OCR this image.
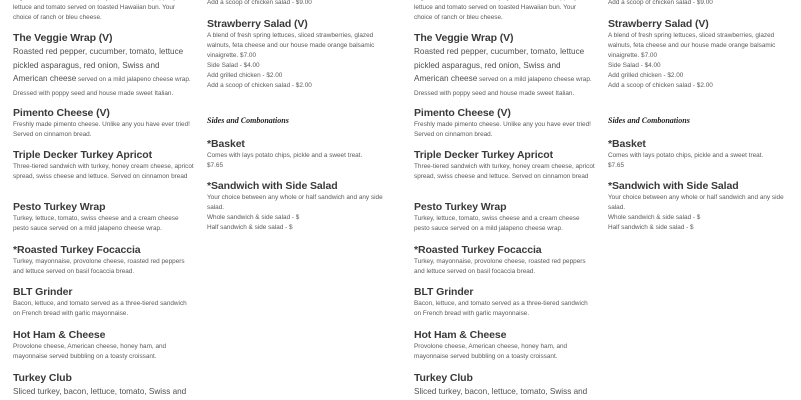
lettuce and tomato served on toasted Hawaiian bun. Your
choice of ranch or bleu cheese.
The Veggie Wrap (V)
Roasted red pepper, cucumber, tomato, lettuce pickled asparagus, red onion, Swiss and American cheese served on a mild jalapeno cheese wrap. Dressed with poppy seed and house made sweet Italian.
Pimento Cheese (V)
Freshly made pimento cheese. Unlike any you have ever tried! Served on cinnamon bread.
Triple Decker Turkey Apricot
Three-tiered sandwich with turkey, honey cream cheese, apricot spread, swiss cheese and lettuce. Served on cinnamon bread
Pesto Turkey Wrap
Turkey, lettuce, tomato, swiss cheese and a cream cheese pesto sauce served on a mild jalapeno cheese wrap.
*Roasted Turkey Focaccia
Turkey, mayonnaise, provolone cheese, roasted red peppers and lettuce served on basil focaccia bread.
BLT Grinder
Bacon, lettuce, and tomato served as a three-tiered sandwich on French bread with garlic mayonnaise.
Hot Ham & Cheese
Provolone cheese, American cheese, honey ham, and mayonnaise served bubbling on a toasty croissant.
Turkey Club
Sliced turkey, bacon, lettuce, tomato, Swiss and
Add a scoop of chicken salad - $9.00
Strawberry Salad (V)
A blend of fresh spring lettuces, sliced strawberries, glazed walnuts, feta cheese and our house made orange balsamic
vinaigrette. $7.00
Side Salad - $4.00
Add grilled chicken - $2.00
Add a scoop of chicken salad - $2.00
Sides and Combonations
*Basket
Comes with lays potato chips, pickle and a sweet treat.
$7.65
*Sandwich with Side Salad
Your choice between any whole or half sandwich and any side salad.
Whole sandwich & side salad - $
Half sandwich & side salad - $
lettuce and tomato served on toasted Hawaiian bun. Your
choice of ranch or bleu cheese.
The Veggie Wrap (V)
Roasted red pepper, cucumber, tomato, lettuce pickled asparagus, red onion, Swiss and American cheese served on a mild jalapeno cheese wrap. Dressed with poppy seed and house made sweet Italian.
Pimento Cheese (V)
Freshly made pimento cheese. Unlike any you have ever tried! Served on cinnamon bread.
Triple Decker Turkey Apricot
Three-tiered sandwich with turkey, honey cream cheese, apricot spread, swiss cheese and lettuce. Served on cinnamon bread
Pesto Turkey Wrap
Turkey, lettuce, tomato, swiss cheese and a cream cheese pesto sauce served on a mild jalapeno cheese wrap.
*Roasted Turkey Focaccia
Turkey, mayonnaise, provolone cheese, roasted red peppers and lettuce served on basil focaccia bread.
BLT Grinder
Bacon, lettuce, and tomato served as a three-tiered sandwich on French bread with garlic mayonnaise.
Hot Ham & Cheese
Provolone cheese, American cheese, honey ham, and mayonnaise served bubbling on a toasty croissant.
Turkey Club
Sliced turkey, bacon, lettuce, tomato, Swiss and
Add a scoop of chicken salad - $9.00
Strawberry Salad (V)
A blend of fresh spring lettuces, sliced strawberries, glazed walnuts, feta cheese and our house made orange balsamic
vinaigrette. $7.00
Side Salad - $4.00
Add grilled chicken - $2.00
Add a scoop of chicken salad - $2.00
Sides and Combonations
*Basket
Comes with lays potato chips, pickle and a sweet treat.
$7.65
*Sandwich with Side Salad
Your choice between any whole or half sandwich and any side salad.
Whole sandwich & side salad - $
Half sandwich & side salad - $
